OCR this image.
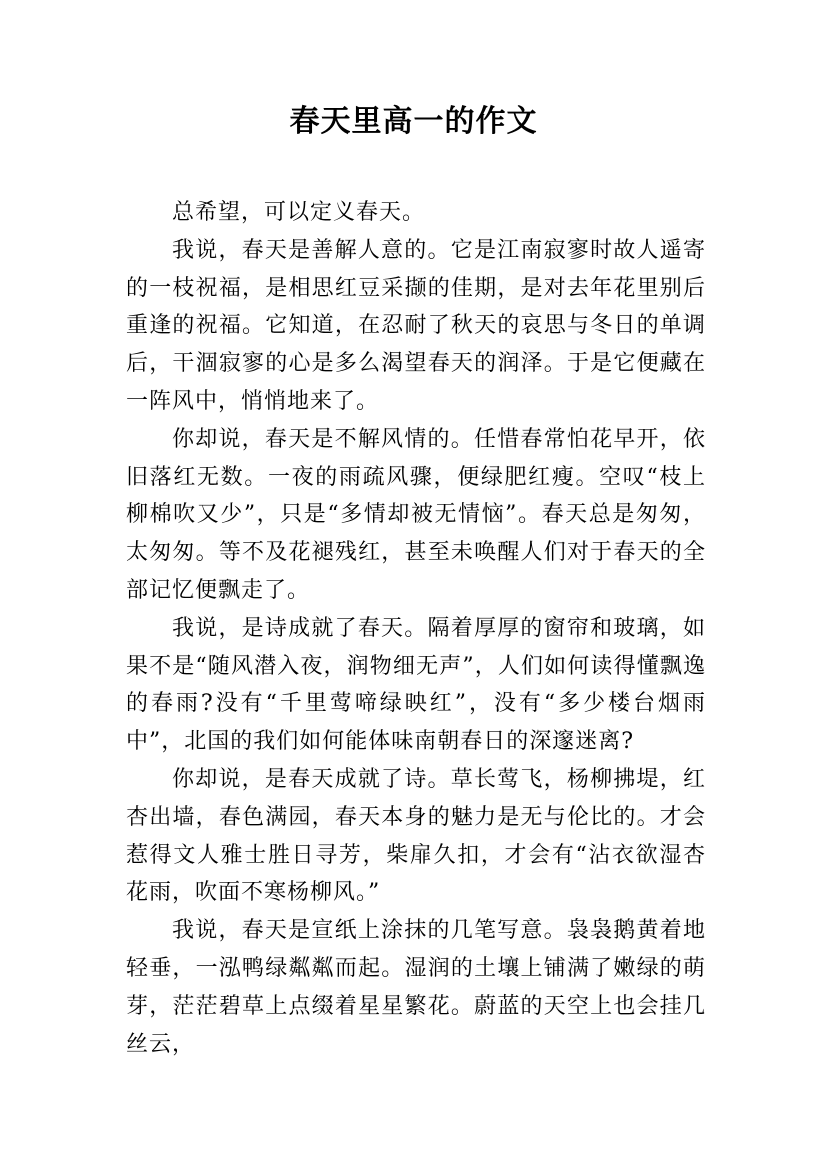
春天里高一的作文

总希望，可以定义春天。

我说，春天是善解人意的。它是江南寂寥时故人遥寄的一枝祝福，是相思红豆采撷的佳期，是对去年花里别后重逢的祝福。它知道，在忍耐了秋天的哀思与冬日的单调后，干涸寂寥的心是多么渴望春天的润泽。于是它便藏在一阵风中，悄悄地来了。

你却说，春天是不解风情的。任惜春常怕花早开，依旧落红无数。一夜的雨疏风骤，便绿肥红瘦。空叹“枝上柳棉吹又少”，只是“多情却被无情恼”。春天总是匆匆，太匆匆。等不及花褪残红，甚至未唤醒人们对于春天的全部记忆便飘走了。

我说，是诗成就了春天。隔着厚厚的窗帘和玻璃，如果不是“随风潜入夜，润物细无声”，人们如何读得懂飘逸的春雨?没有“千里莺啼绿映红”，没有“多少楼台烟雨中”，北国的我们如何能体味南朝春日的深邃迷离?

你却说，是春天成就了诗。草长莺飞，杨柳拂堤，红杏出墙，春色满园，春天本身的魅力是无与伦比的。才会惹得文人雅士胜日寻芳，柴扉久扣，才会有“沾衣欲湿杏花雨，吹面不寒杨柳风。”

我说，春天是宣纸上涂抹的几笔写意。袅袅鹅黄着地轻垂，一泓鸭绿粼粼而起。湿润的土壤上铺满了嫩绿的萌芽，茫茫碧草上点缀着星星繁花。蔚蓝的天空上也会挂几丝云，
